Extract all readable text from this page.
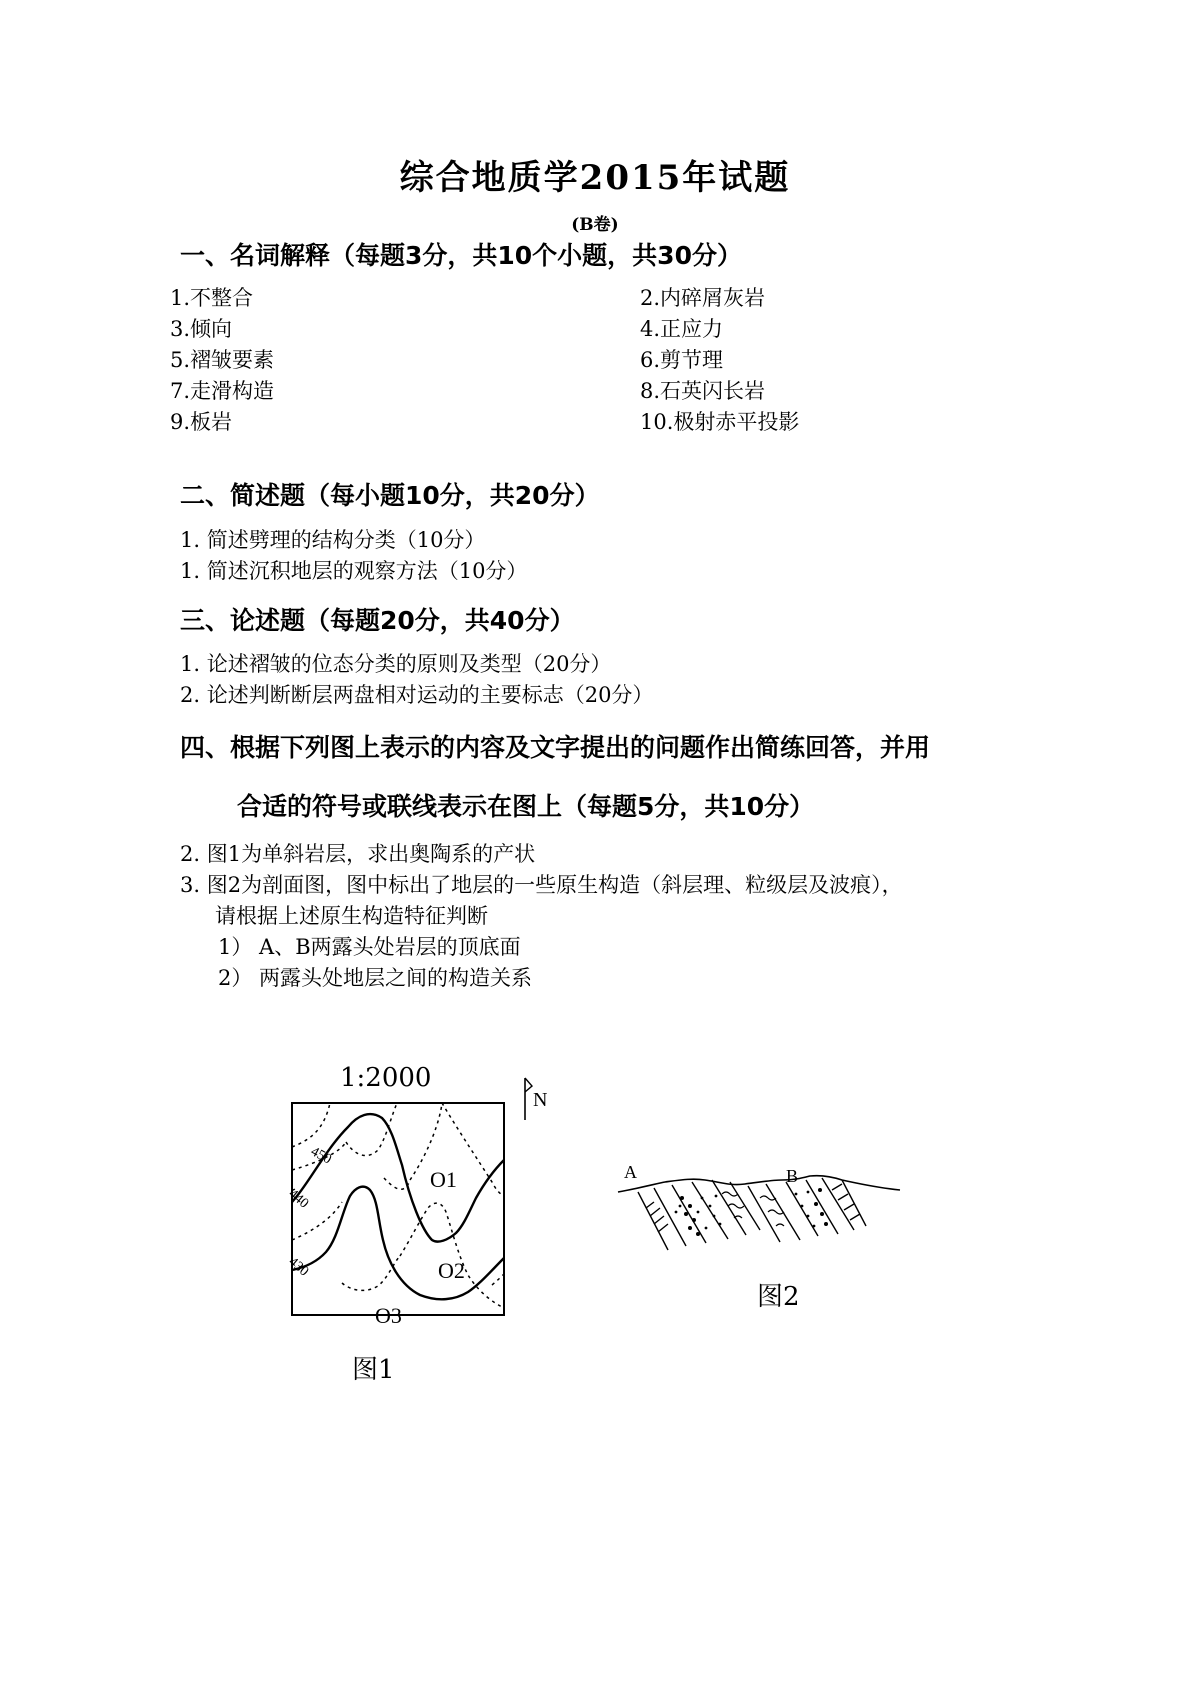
综合地质学2015年试题
(B卷)
一、名词解释（每题3分，共10个小题，共30分）
1.不整合	2.内碎屑灰岩
3.倾向	4.正应力
5.褶皱要素	6.剪节理
7.走滑构造	8.石英闪长岩
9.板岩	10.极射赤平投影
二、简述题（每小题10分，共20分）
1. 简述劈理的结构分类（10分）
1. 简述沉积地层的观察方法（10分）
三、论述题（每题20分，共40分）
1. 论述褶皱的位态分类的原则及类型（20分）
2. 论述判断断层两盘相对运动的主要标志（20分）
四、根据下列图上表示的内容及文字提出的问题作出简练回答，并用
合适的符号或联线表示在图上（每题5分，共10分）
2. 图1为单斜岩层，求出奥陶系的产状
3. 图2为剖面图，图中标出了地层的一些原生构造（斜层理、粒级层及波痕），
请根据上述原生构造特征判断
1） A、B两露头处岩层的顶底面
2） 两露头处地层之间的构造关系
1:2000
450
440
430
O1
O2
O3
N
图1
A	B
图2
